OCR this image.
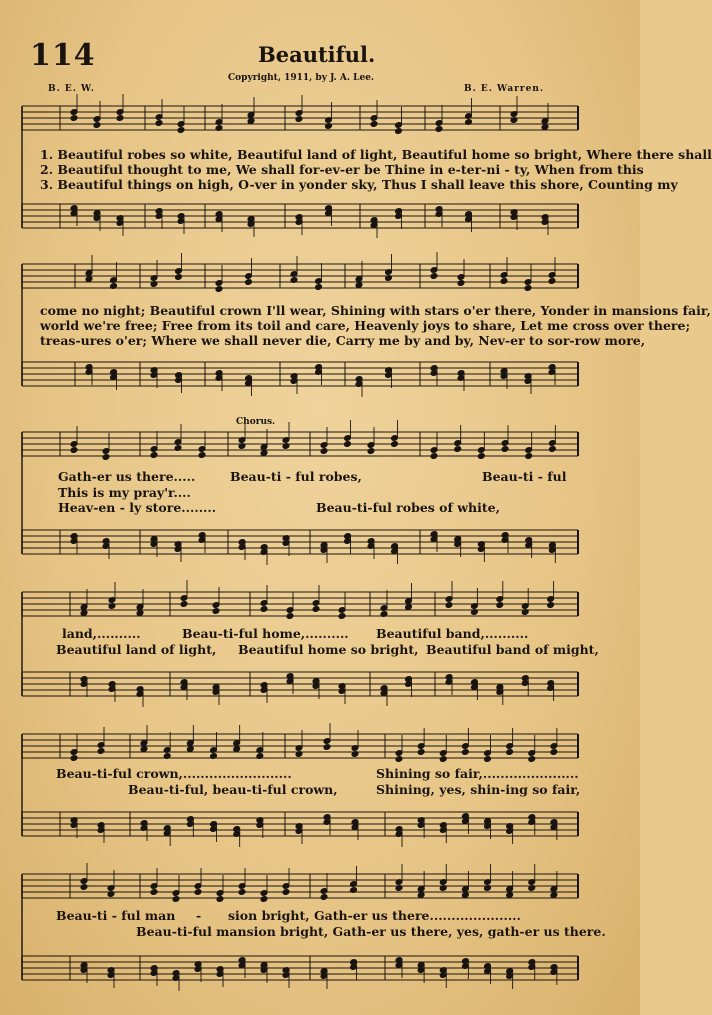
114	Beautiful.
Copyright, 1911, by J. A. Lee.
B. E. W.	B. E. Warren.
Chorus.
1. Beautiful robes so white, Beautiful land of light, Beautiful home so bright, Where there shall
2. Beautiful thought to me, We shall for-ev-er be Thine in e-ter-ni - ty, When from this
3. Beautiful things on high, O-ver in yonder sky, Thus I shall leave this shore, Counting my
come no night; Beautiful crown I'll wear, Shining with stars o'er there, Yonder in mansions fair,
world we're free; Free from its toil and care, Heavenly joys to share, Let me cross over there;
treas-ures o'er; Where we shall never die, Carry me by and by, Nev-er to sor-row more,
Gath-er us there.....	Beau-ti - ful robes,	Beau-ti - ful
This is my pray'r....
Heav-en - ly store........	Beau-ti-ful robes of white,
land,..........	Beau-ti-ful home,.......... Beautiful band,..........
Beautiful land of light, Beautiful home so bright, Beautiful band of might,
Beau-ti-ful crown,.........................	Shining so fair,......................
Beau-ti-ful, beau-ti-ful crown,	Shining, yes, shin-ing so fair,
Beau-ti - ful man - sion bright, Gath-er us there.....................
Beau-ti-ful mansion bright, Gath-er us there, yes, gath-er us there.
